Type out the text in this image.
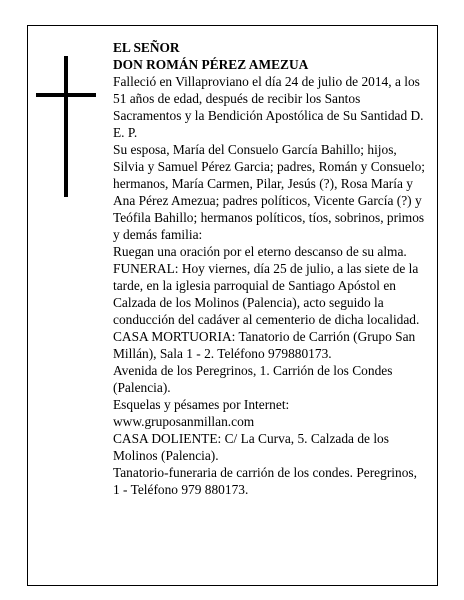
EL SEÑOR

DON ROMÁN PÉREZ AMEZUA

Falleció en Villaproviano el día 24 de julio de 2014, a los 51 años de edad, después de recibir los Santos Sacramentos y la Bendición Apostólica de Su Santidad D. E. P.

Su esposa, María del Consuelo García Bahillo; hijos, Silvia y Samuel Pérez Garcia; padres, Román y Consuelo; hermanos, María Carmen, Pilar, Jesús (?), Rosa María y Ana Pérez Amezua; padres políticos, Vicente García (?) y Teófila Bahillo; hermanos políticos, tíos, sobrinos, primos y demás familia:

Ruegan una oración por el eterno descanso de su alma.

FUNERAL: Hoy viernes, día 25 de julio, a las siete de la tarde, en la iglesia parroquial de Santiago Apóstol en Calzada de los Molinos (Palencia), acto seguido la conducción del cadáver al cementerio de dicha localidad.

CASA MORTUORIA: Tanatorio de Carrión (Grupo San Millán), Sala 1 - 2. Teléfono 979880173.

Avenida de los Peregrinos, 1. Carrión de los Condes (Palencia).

Esquelas y pésames por Internet: www.gruposanmillan.com

CASA DOLIENTE: C/ La Curva, 5. Calzada de los Molinos (Palencia).

Tanatorio-funeraria de carrión de los condes. Peregrinos, 1 - Teléfono 979 880173.
